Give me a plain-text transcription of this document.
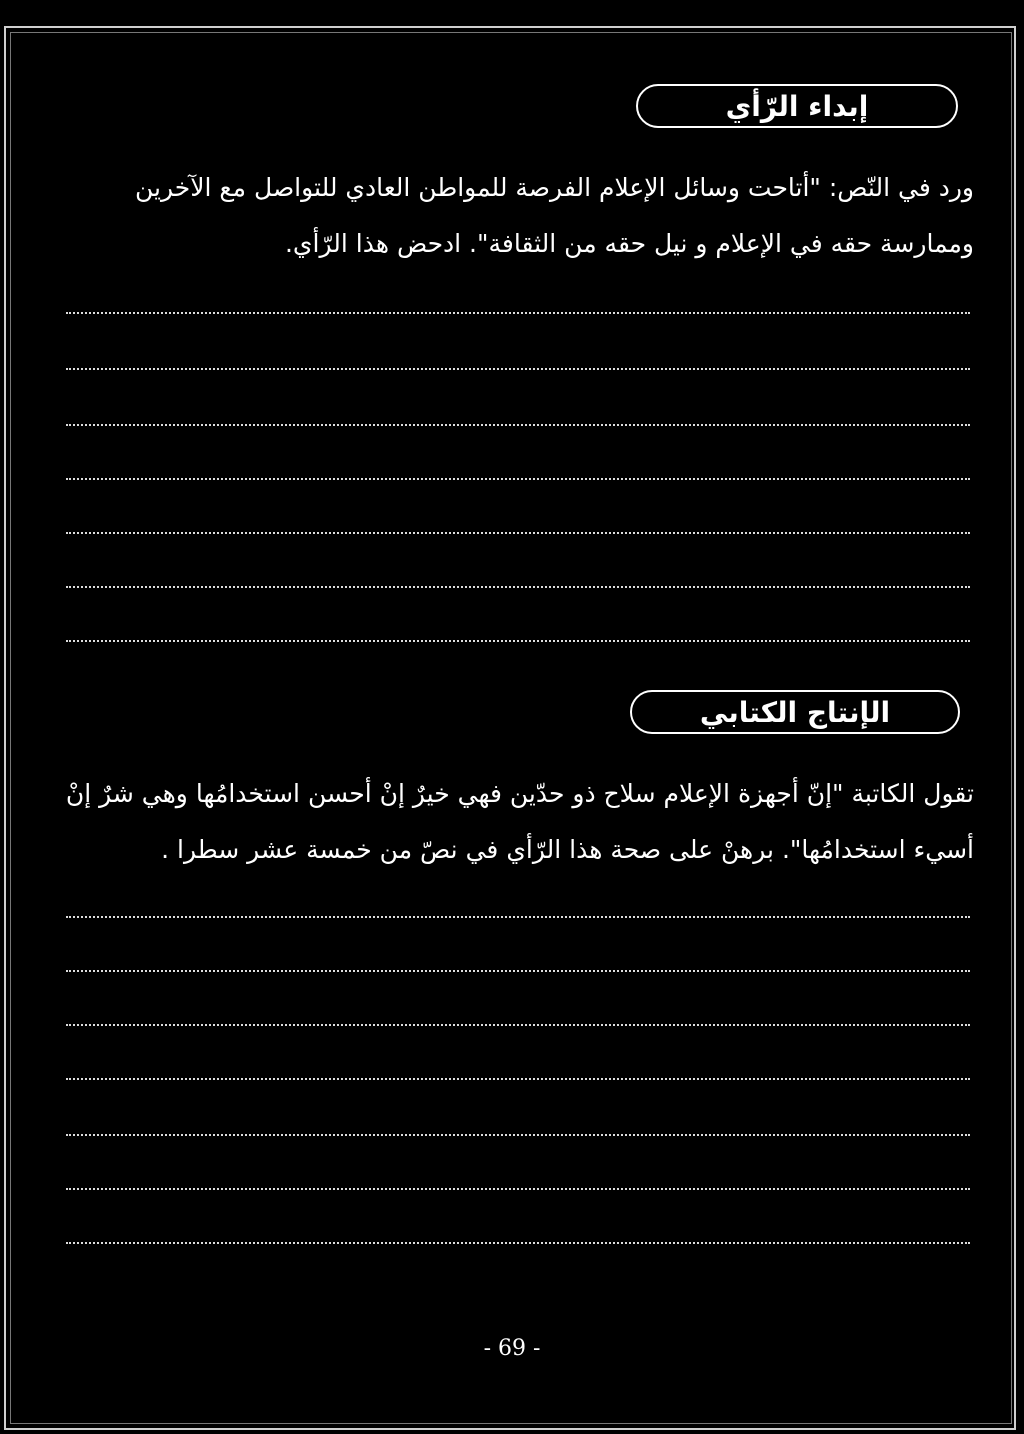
إبداء الرّأي
ورد في النّص: "أتاحت وسائل الإعلام الفرصة للمواطن العادي للتواصل مع الآخرين
وممارسة حقه في الإعلام و نيل حقه من الثقافة". ادحض هذا الرّأي.
الإنتاج الكتابي
تقول الكاتبة "إنّ أجهزة الإعلام سلاح ذو حدّين فهي خيرٌ إنْ أحسن استخدامُها وهي شرٌ إنْ
أسيء استخدامُها". برهنْ على صحة هذا الرّأي في نصّ من خمسة عشر سطرا .
- 69 -
